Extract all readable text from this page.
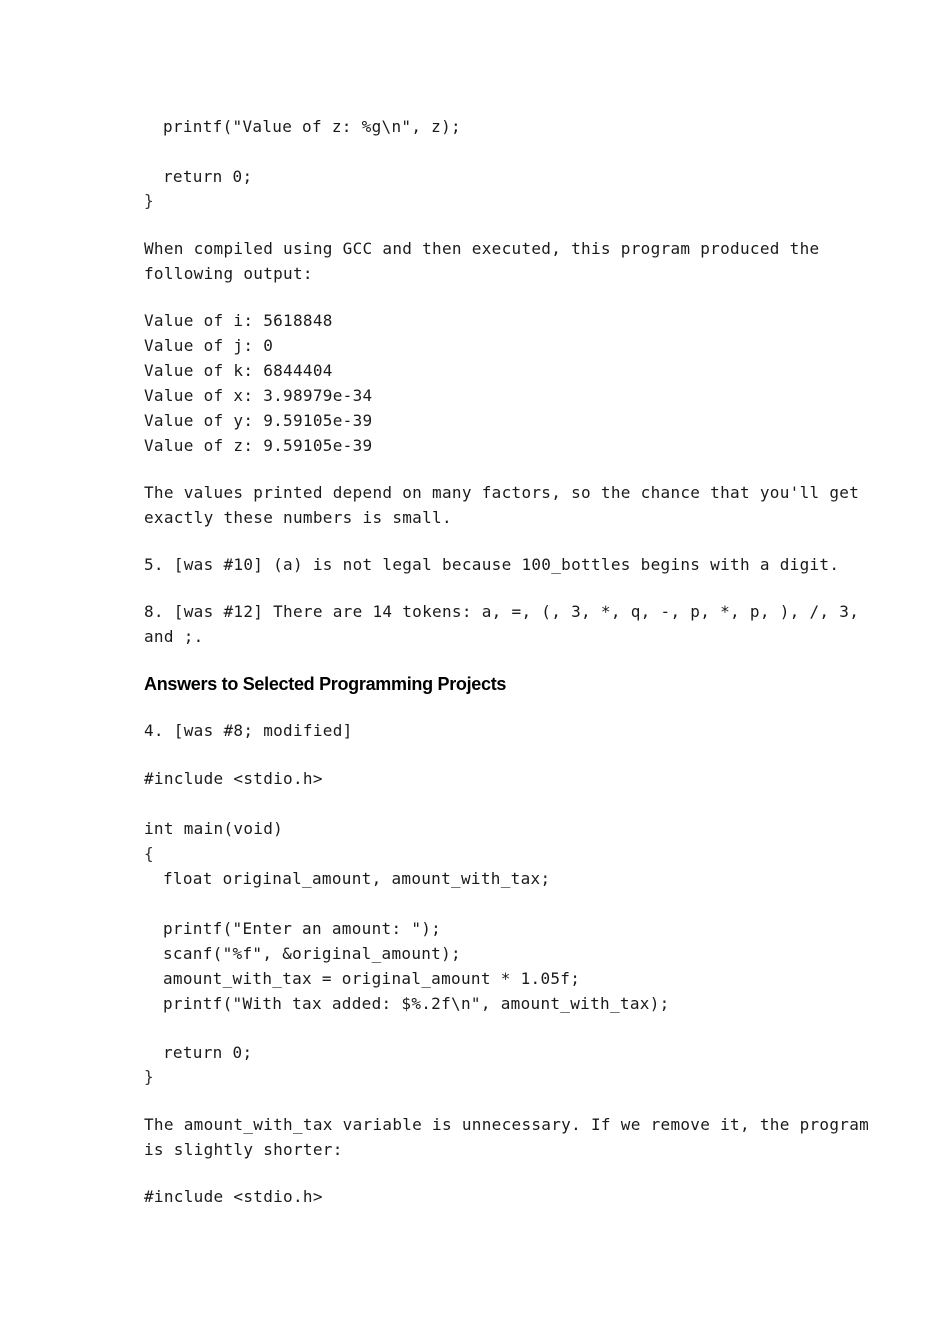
printf("Value of z: %g\n", z);

return 0;

}

When compiled using GCC and then executed, this program produced the

following output:

Value of i: 5618848

Value of j: 0

Value of k: 6844404

Value of x: 3.98979e-34

Value of y: 9.59105e-39

Value of z: 9.59105e-39

The values printed depend on many factors, so the chance that you'll get

exactly these numbers is small.

5. [was #10] (a) is not legal because 100_bottles begins with a digit.

8. [was #12] There are 14 tokens: a, =, (, 3, *, q, -, p, *, p, ), /, 3,

and ;.

Answers to Selected Programming Projects

4. [was #8; modified]

#include <stdio.h>

int main(void)

{

float original_amount, amount_with_tax;

printf("Enter an amount: ");

scanf("%f", &original_amount);

amount_with_tax = original_amount * 1.05f;

printf("With tax added: $%.2f\n", amount_with_tax);

return 0;

}

The amount_with_tax variable is unnecessary. If we remove it, the program

is slightly shorter:

#include <stdio.h>
